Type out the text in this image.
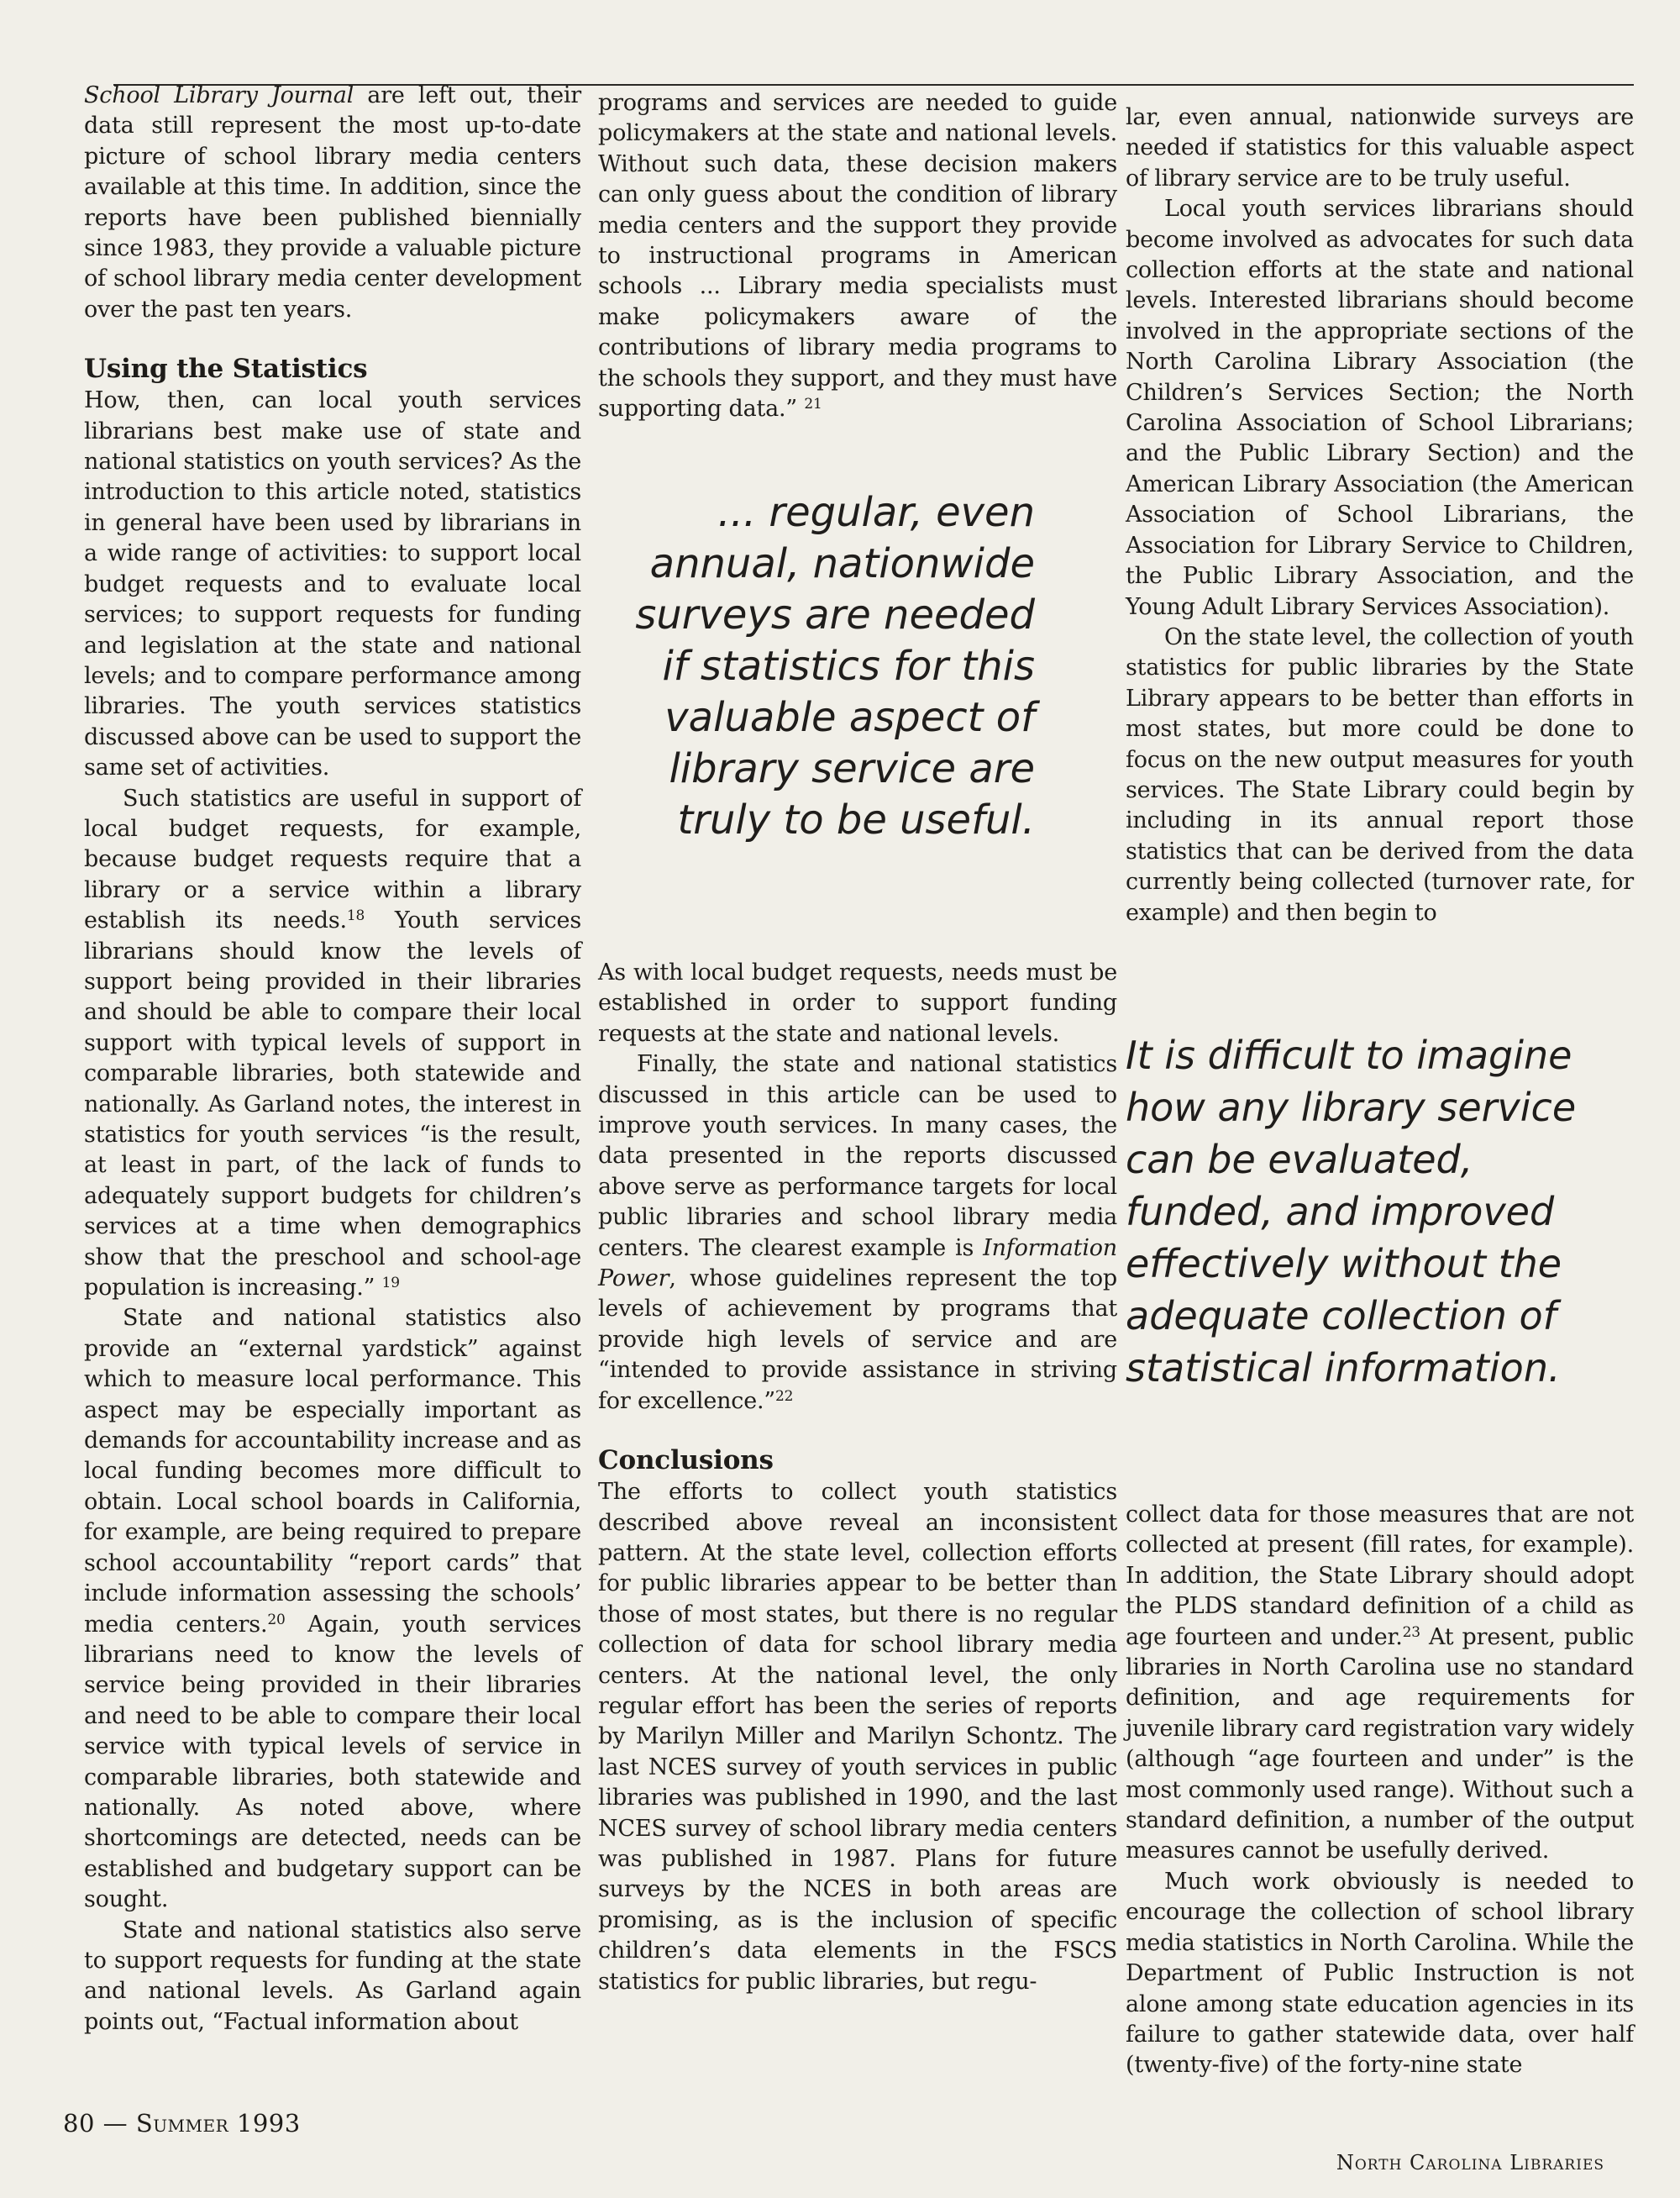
School Library Journal are left out, their data still represent the most up-to-date picture of school library media centers available at this time. In addition, since the reports have been published biennially since 1983, they provide a valuable picture of school library media center development over the past ten years.

Using the Statistics

How, then, can local youth services librarians best make use of state and national statistics on youth services? As the introduction to this article noted, statistics in general have been used by librarians in a wide range of activities: to support local budget requests and to evaluate local services; to support requests for funding and legislation at the state and national levels; and to compare performance among libraries. The youth services statistics discussed above can be used to support the same set of activities.

Such statistics are useful in support of local budget requests, for example, because budget requests require that a library or a service within a library establish its needs.$^{18}$ Youth services librarians should know the levels of support being provided in their libraries and should be able to compare their local support with typical levels of support in comparable libraries, both statewide and nationally. As Garland notes, the interest in statistics for youth services “is the result, at least in part, of the lack of funds to adequately support budgets for children’s services at a time when demographics show that the preschool and school-age population is increasing.” $^{19}$

State and national statistics also provide an “external yardstick” against which to measure local performance. This aspect may be especially important as demands for accountability increase and as local funding becomes more difficult to obtain. Local school boards in California, for example, are being required to prepare school accountability “report cards” that include information assessing the schools’ media centers.$^{20}$ Again, youth services librarians need to know the levels of service being provided in their libraries and need to be able to compare their local service with typical levels of service in comparable libraries, both statewide and nationally. As noted above, where shortcomings are detected, needs can be established and budgetary support can be sought.

State and national statistics also serve to support requests for funding at the state and national levels. As Garland again points out, “Factual information about

programs and services are needed to guide policymakers at the state and national levels. Without such data, these decision makers can only guess about the condition of library media centers and the support they provide to instructional programs in American schools ... Library media specialists must make policymakers aware of the contributions of library media programs to the schools they support, and they must have supporting data.” $^{21}$

... regular, even annual, nationwide surveys are needed if statistics for this valuable aspect of library service are truly to be useful.

As with local budget requests, needs must be established in order to support funding requests at the state and national levels.

Finally, the state and national statistics discussed in this article can be used to improve youth services. In many cases, the data presented in the reports discussed above serve as performance targets for local public libraries and school library media centers. The clearest example is Information Power, whose guidelines represent the top levels of achievement by programs that provide high levels of service and are “intended to provide assistance in striving for excellence.”$^{22}$

Conclusions

The efforts to collect youth statistics described above reveal an inconsistent pattern. At the state level, collection efforts for public libraries appear to be better than those of most states, but there is no regular collection of data for school library media centers. At the national level, the only regular effort has been the series of reports by Marilyn Miller and Marilyn Schontz. The last NCES survey of youth services in public libraries was published in 1990, and the last NCES survey of school library media centers was published in 1987. Plans for future surveys by the NCES in both areas are promising, as is the inclusion of specific children’s data elements in the FSCS statistics for public libraries, but regu-

lar, even annual, nationwide surveys are needed if statistics for this valuable aspect of library service are to be truly useful.

Local youth services librarians should become involved as advocates for such data collection efforts at the state and national levels. Interested librarians should become involved in the appropriate sections of the North Carolina Library Association (the Children’s Services Section; the North Carolina Association of School Librarians; and the Public Library Section) and the American Library Association (the American Association of School Librarians, the Association for Library Service to Children, the Public Library Association, and the Young Adult Library Services Association).

On the state level, the collection of youth statistics for public libraries by the State Library appears to be better than efforts in most states, but more could be done to focus on the new output measures for youth services. The State Library could begin by including in its annual report those statistics that can be derived from the data currently being collected (turnover rate, for example) and then begin to

It is difficult to imagine how any library service can be evaluated, funded, and improved effectively without the adequate collection of statistical information.

collect data for those measures that are not collected at present (fill rates, for example). In addition, the State Library should adopt the PLDS standard definition of a child as age fourteen and under.$^{23}$ At present, public libraries in North Carolina use no standard definition, and age requirements for juvenile library card registration vary widely (although “age fourteen and under” is the most commonly used range). Without such a standard definition, a number of the output measures cannot be usefully derived.

Much work obviously is needed to encourage the collection of school library media statistics in North Carolina. While the Department of Public Instruction is not alone among state education agencies in its failure to gather statewide data, over half (twenty-five) of the forty-nine state

80 — Summer 1993
North Carolina Libraries
